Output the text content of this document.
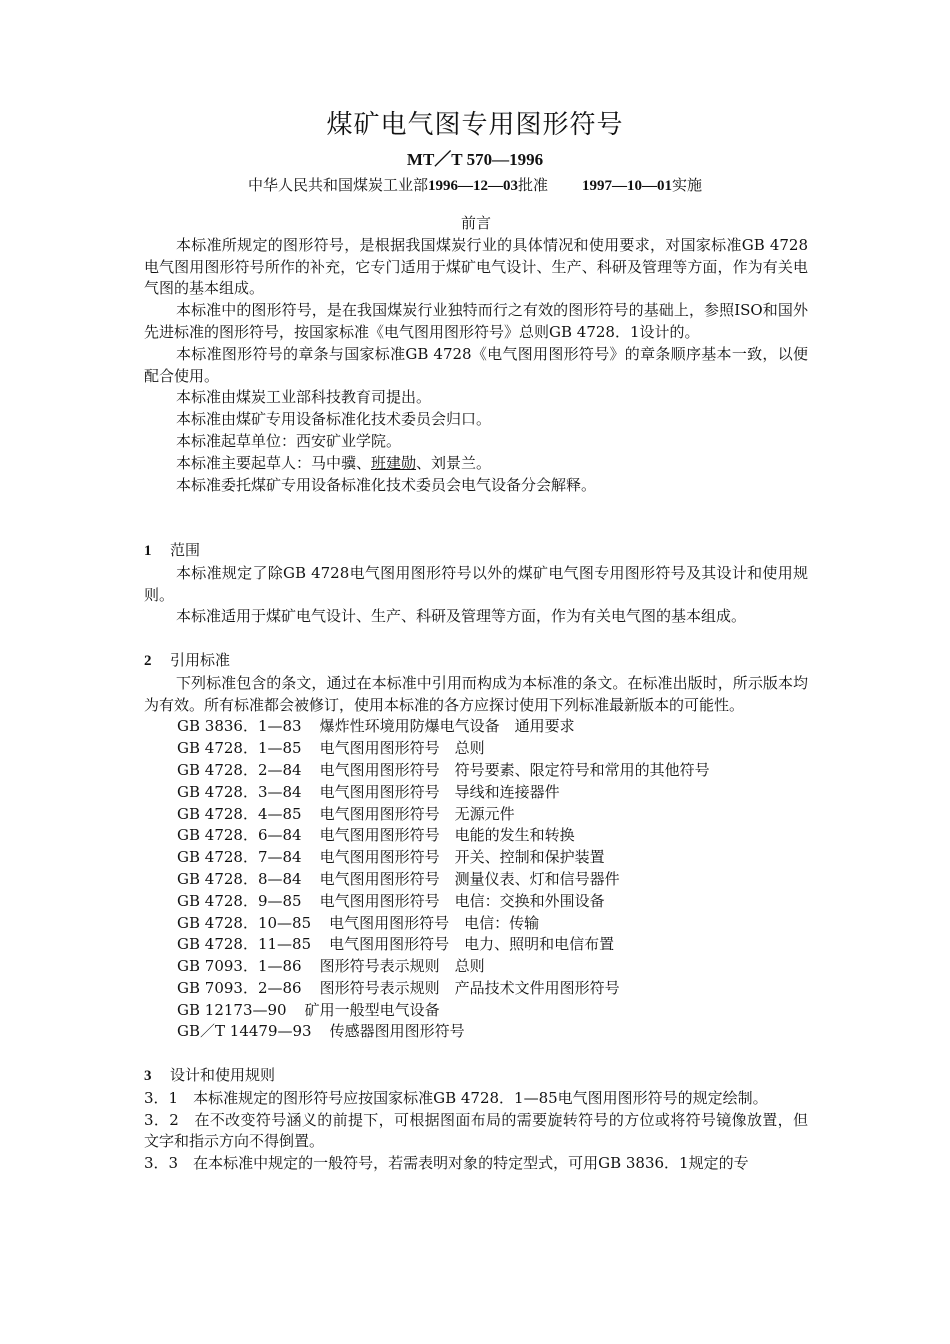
煤矿电气图专用图形符号
MT／T 570—1996
中华人民共和国煤炭工业部1996—12—03批准 1997—10—01实施

前言

本标准所规定的图形符号，是根据我国煤炭行业的具体情况和使用要求，对国家标准GB 4728电气图用图形符号所作的补充，它专门适用于煤矿电气设计、生产、科研及管理等方面，作为有关电气图的基本组成。

本标准中的图形符号，是在我国煤炭行业独特而行之有效的图形符号的基础上，参照ISO和国外先进标准的图形符号，按国家标准《电气图用图形符号》总则GB 4728．1设计的。

本标准图形符号的章条与国家标准GB 4728《电气图用图形符号》的章条顺序基本一致，以便配合使用。

本标准由煤炭工业部科技教育司提出。

本标准由煤矿专用设备标准化技术委员会归口。

本标准起草单位：西安矿业学院。

本标准主要起草人：马中骥、班建勋、刘景兰。

本标准委托煤矿专用设备标准化技术委员会电气设备分会解释。

1 范围

本标准规定了除GB 4728电气图用图形符号以外的煤矿电气图专用图形符号及其设计和使用规则。

本标准适用于煤矿电气设计、生产、科研及管理等方面，作为有关电气图的基本组成。

2 引用标准

下列标准包含的条文，通过在本标准中引用而构成为本标准的条文。在标准出版时，所示版本均为有效。所有标准都会被修订，使用本标准的各方应探讨使用下列标准最新版本的可能性。

GB 3836．1—83 爆炸性环境用防爆电气设备　通用要求
GB 4728．1—85 电气图用图形符号　总则
GB 4728．2—84 电气图用图形符号　符号要素、限定符号和常用的其他符号
GB 4728．3—84 电气图用图形符号　导线和连接器件
GB 4728．4—85 电气图用图形符号　无源元件
GB 4728．6—84 电气图用图形符号　电能的发生和转换
GB 4728．7—84 电气图用图形符号　开关、控制和保护装置
GB 4728．8—84 电气图用图形符号　测量仪表、灯和信号器件
GB 4728．9—85 电气图用图形符号　电信：交换和外围设备
GB 4728．10—85 电气图用图形符号　电信：传输
GB 4728．11—85 电气图用图形符号　电力、照明和电信布置
GB 7093．1—86 图形符号表示规则　总则
GB 7093．2—86 图形符号表示规则　产品技术文件用图形符号
GB 12173—90 矿用一般型电气设备
GB／T 14479—93 传感器图用图形符号

3 设计和使用规则

3．1　本标准规定的图形符号应按国家标准GB 4728．1—85电气图用图形符号的规定绘制。

3．2　在不改变符号涵义的前提下，可根据图面布局的需要旋转符号的方位或将符号镜像放置，但文字和指示方向不得倒置。

3．3　在本标准中规定的一般符号，若需表明对象的特定型式，可用GB 3836．1规定的专
